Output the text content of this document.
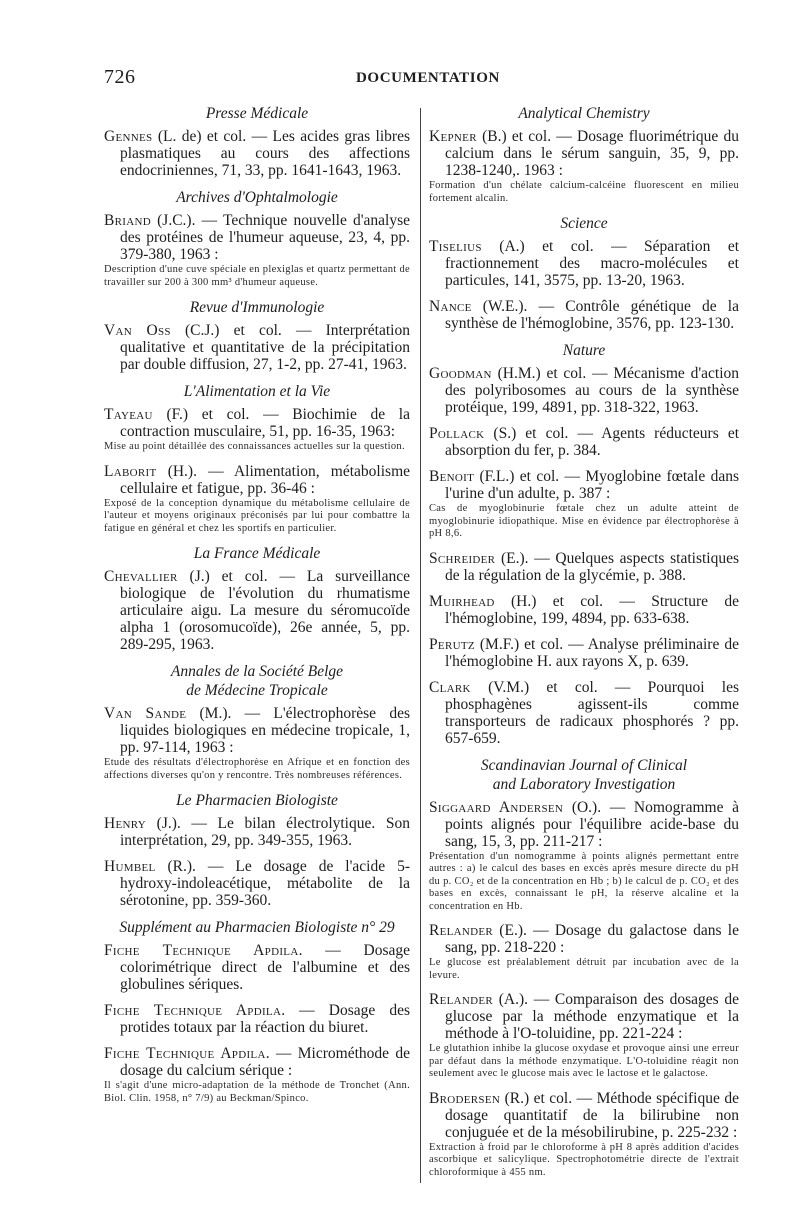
726	DOCUMENTATION
Presse Médicale

Gennes (L. de) et col. — Les acides gras libres plasmatiques au cours des affections endocriniennes, 71, 33, pp. 1641-1643, 1963.

Archives d'Ophtalmologie

Briand (J.C.). — Technique nouvelle d'analyse des protéines de l'humeur aqueuse, 23, 4, pp. 379-380, 1963 :

Description d'une cuve spéciale en plexiglas et quartz permettant de travailler sur 200 à 300 mm³ d'humeur aqueuse.

Revue d'Immunologie

Van Oss (C.J.) et col. — Interprétation qualitative et quantitative de la précipitation par double diffusion, 27, 1-2, pp. 27-41, 1963.

L'Alimentation et la Vie

Tayeau (F.) et col. — Biochimie de la contraction musculaire, 51, pp. 16-35, 1963:

Mise au point détaillée des connaissances actuelles sur la question.

Laborit (H.). — Alimentation, métabolisme cellulaire et fatigue, pp. 36-46 :

Exposé de la conception dynamique du métabolisme cellulaire de l'auteur et moyens originaux préconisés par lui pour combattre la fatigue en général et chez les sportifs en particulier.

La France Médicale

Chevallier (J.) et col. — La surveillance biologique de l'évolution du rhumatisme articulaire aigu. La mesure du séromucoïde alpha 1 (orosomucoïde), 26e année, 5, pp. 289-295, 1963.

Annales de la Société Belge
de Médecine Tropicale

Van Sande (M.). — L'électrophorèse des liquides biologiques en médecine tropicale, 1, pp. 97-114, 1963 :

Etude des résultats d'électrophorèse en Afrique et en fonction des affections diverses qu'on y rencontre. Très nombreuses références.

Le Pharmacien Biologiste

Henry (J.). — Le bilan électrolytique. Son interprétation, 29, pp. 349-355, 1963.

Humbel (R.). — Le dosage de l'acide 5-hydroxy-indoleacétique, métabolite de la sérotonine, pp. 359-360.

Supplément au Pharmacien Biologiste n° 29

Fiche Technique Apdila. — Dosage colorimétrique direct de l'albumine et des globulines sériques.

Fiche Technique Apdila. — Dosage des protides totaux par la réaction du biuret.

Fiche Technique Apdila. — Microméthode de dosage du calcium sérique :

Il s'agit d'une micro-adaptation de la méthode de Tronchet (Ann. Biol. Clin. 1958, n° 7/9) au Beckman/Spinco.

Analytical Chemistry

Kepner (B.) et col. — Dosage fluorimétrique du calcium dans le sérum sanguin, 35, 9, pp. 1238-1240,. 1963 :

Formation d'un chélate calcium-calcéine fluorescent en milieu fortement alcalin.

Science

Tiselius (A.) et col. — Séparation et fractionnement des macro-molécules et particules, 141, 3575, pp. 13-20, 1963.

Nance (W.E.). — Contrôle génétique de la synthèse de l'hémoglobine, 3576, pp. 123-130.

Nature

Goodman (H.M.) et col. — Mécanisme d'action des polyribosomes au cours de la synthèse protéique, 199, 4891, pp. 318-322, 1963.

Pollack (S.) et col. — Agents réducteurs et absorption du fer, p. 384.

Benoit (F.L.) et col. — Myoglobine fœtale dans l'urine d'un adulte, p. 387 :

Cas de myoglobinurie fœtale chez un adulte atteint de myoglobinurie idiopathique. Mise en évidence par électrophorèse à pH 8,6.

Schreider (E.). — Quelques aspects statistiques de la régulation de la glycémie, p. 388.

Muirhead (H.) et col. — Structure de l'hémoglobine, 199, 4894, pp. 633-638.

Perutz (M.F.) et col. — Analyse préliminaire de l'hémoglobine H. aux rayons X, p. 639.

Clark (V.M.) et col. — Pourquoi les phosphagènes agissent-ils comme transporteurs de radicaux phosphorés ? pp. 657-659.

Scandinavian Journal of Clinical
and Laboratory Investigation

Siggaard Andersen (O.). — Nomogramme à points alignés pour l'équilibre acide-base du sang, 15, 3, pp. 211-217 :

Présentation d'un nomogramme à points alignés permettant entre autres : a) le calcul des bases en excès après mesure directe du pH du p. CO₂ et de la concentration en Hb ; b) le calcul de p. CO₂ et des bases en excès, connaissant le pH, la réserve alcaline et la concentration en Hb.

Relander (E.). — Dosage du galactose dans le sang, pp. 218-220 :

Le glucose est préalablement détruit par incubation avec de la levure.

Relander (A.). — Comparaison des dosages de glucose par la méthode enzymatique et la méthode à l'O-toluidine, pp. 221-224 :

Le glutathion inhibe la glucose oxydase et provoque ainsi une erreur par défaut dans la méthode enzymatique. L'O-toluidine réagit non seulement avec le glucose mais avec le lactose et le galactose.

Brodersen (R.) et col. — Méthode spécifique de dosage quantitatif de la bilirubine non conjuguée et de la mésobilirubine, p. 225-232 :

Extraction à froid par le chloroforme à pH 8 après addition d'acides ascorbique et salicylique. Spectrophotométrie directe de l'extrait chloroformique à 455 nm.
